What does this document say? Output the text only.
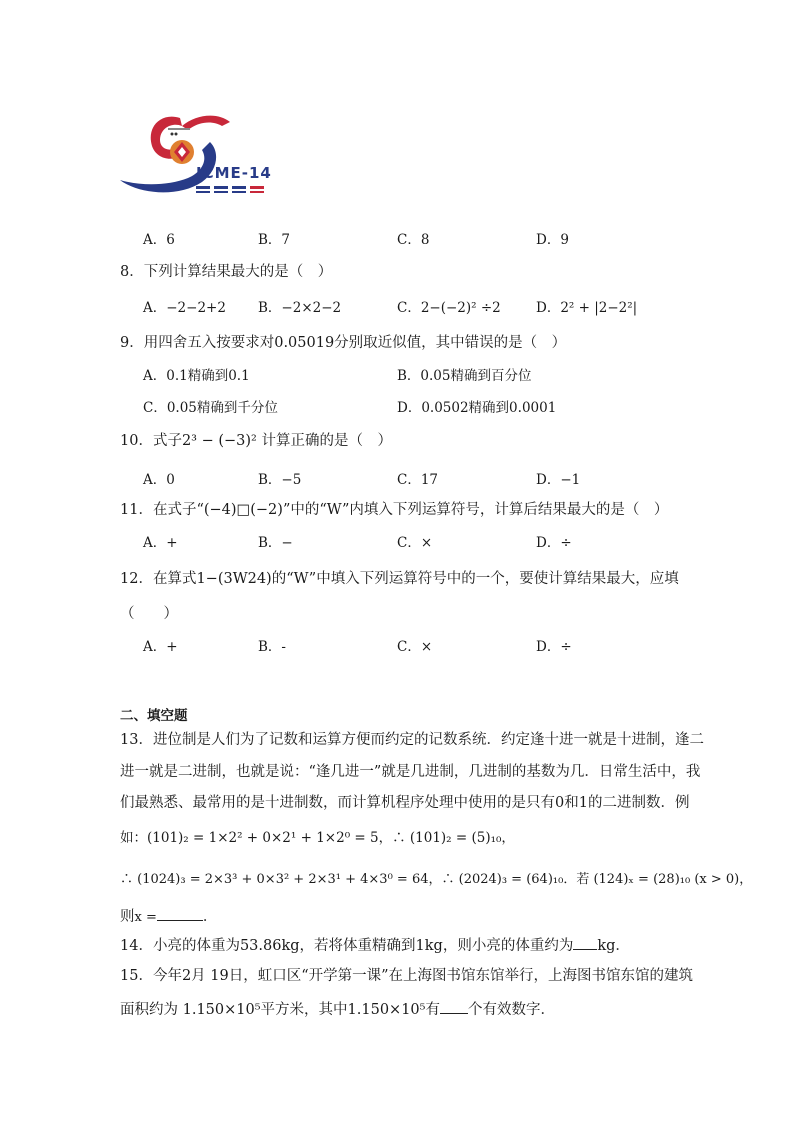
ICME-14
A．6	B．7	C．8	D．9
8．下列计算结果最大的是（　）
A．−2−2+2 B．−2×2−2	C．2−(−2)² ÷2	D．2² + |2−2²|
9．用四舍五入按要求对0.05019分别取近似值，其中错误的是（　）
A．0.1精确到0.1	B．0.05精确到百分位
C．0.05精确到千分位	D．0.0502精确到0.0001
10．式子2³ − (−3)² 计算正确的是（　）
A．0	B．−5	C．17	D．−1
11．在式子“(−4)□(−2)”中的“W”内填入下列运算符号，计算后结果最大的是（　）
A．+	B．−	C．×	D．÷
12．在算式1−(3W24)的“W”中填入下列运算符号中的一个，要使计算结果最大，应填
（　　）
A．+	B．-	C．×	D．÷
二、填空题
13．进位制是人们为了记数和运算方便而约定的记数系统．约定逢十进一就是十进制，逢二
进一就是二进制，也就是说：“逢几进一”就是几进制，几进制的基数为几．日常生活中，我
们最熟悉、最常用的是十进制数，而计算机程序处理中使用的是只有0和1的二进制数．例
如：(101)₂ = 1×2² + 0×2¹ + 1×2⁰ = 5，∴ (101)₂ = (5)₁₀，
∴ (1024)₃ = 2×3³ + 0×3² + 2×3¹ + 4×3⁰ = 64，∴ (2024)₃ = (64)₁₀．若 (124)ₓ = (28)₁₀ (x > 0)，
则x =	．
14．小亮的体重为53.86kg，若将体重精确到1kg，则小亮的体重约为 kg．
15．今年2月 19日，虹口区“开学第一课”在上海图书馆东馆举行，上海图书馆东馆的建筑
面积约为 1.150×10⁵平方米，其中1.150×10⁵有 个有效数字．
